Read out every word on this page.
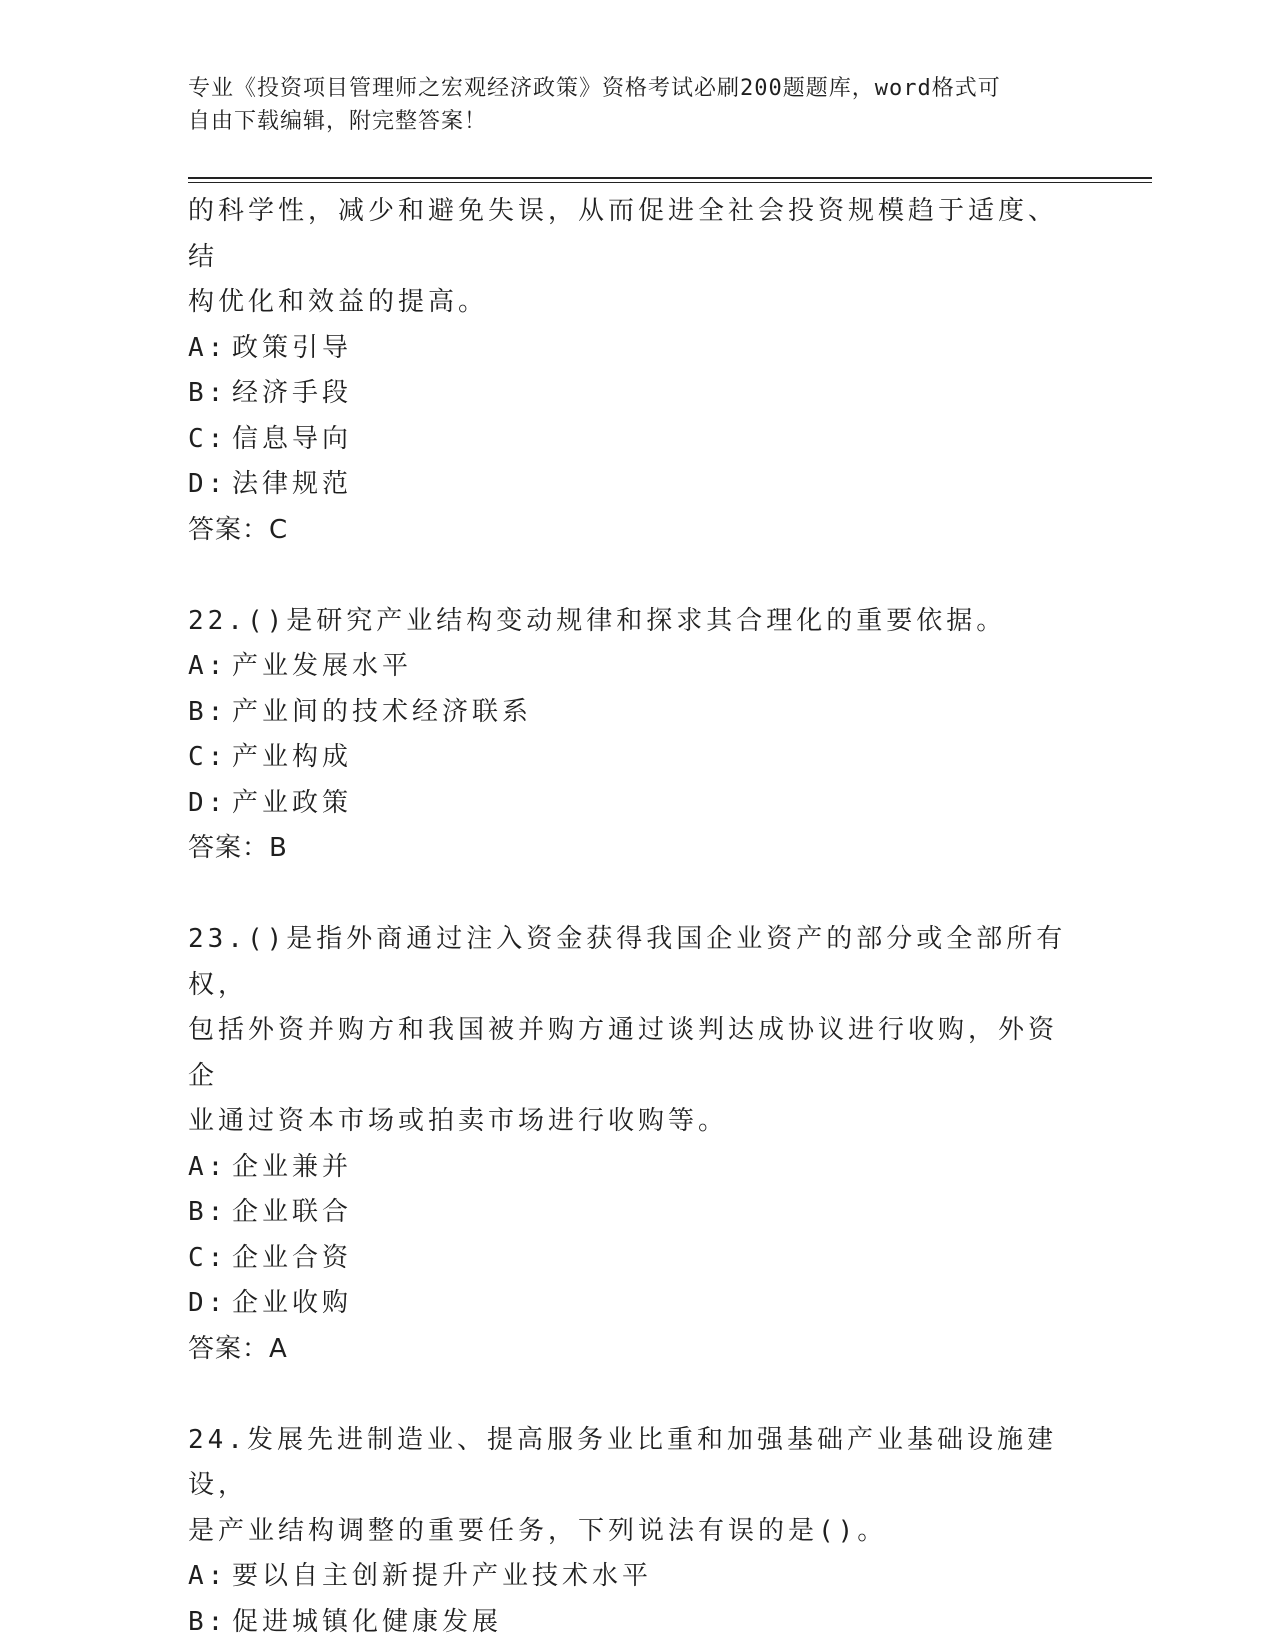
专业《投资项目管理师之宏观经济政策》资格考试必刷200题题库，word格式可
自由下载编辑，附完整答案！
的科学性，减少和避免失误，从而促进全社会投资规模趋于适度、结
构优化和效益的提高。
A: 政策引导
B: 经济手段
C: 信息导向
D: 法律规范
答案：C
22.()是研究产业结构变动规律和探求其合理化的重要依据。
A: 产业发展水平
B: 产业间的技术经济联系
C: 产业构成
D: 产业政策
答案：B
23.()是指外商通过注入资金获得我国企业资产的部分或全部所有权，
包括外资并购方和我国被并购方通过谈判达成协议进行收购，外资企
业通过资本市场或拍卖市场进行收购等。
A: 企业兼并
B: 企业联合
C: 企业合资
D: 企业收购
答案：A
24.发展先进制造业、提高服务业比重和加强基础产业基础设施建设，
是产业结构调整的重要任务，下列说法有误的是()。
A: 要以自主创新提升产业技术水平
B: 促进城镇化健康发展
